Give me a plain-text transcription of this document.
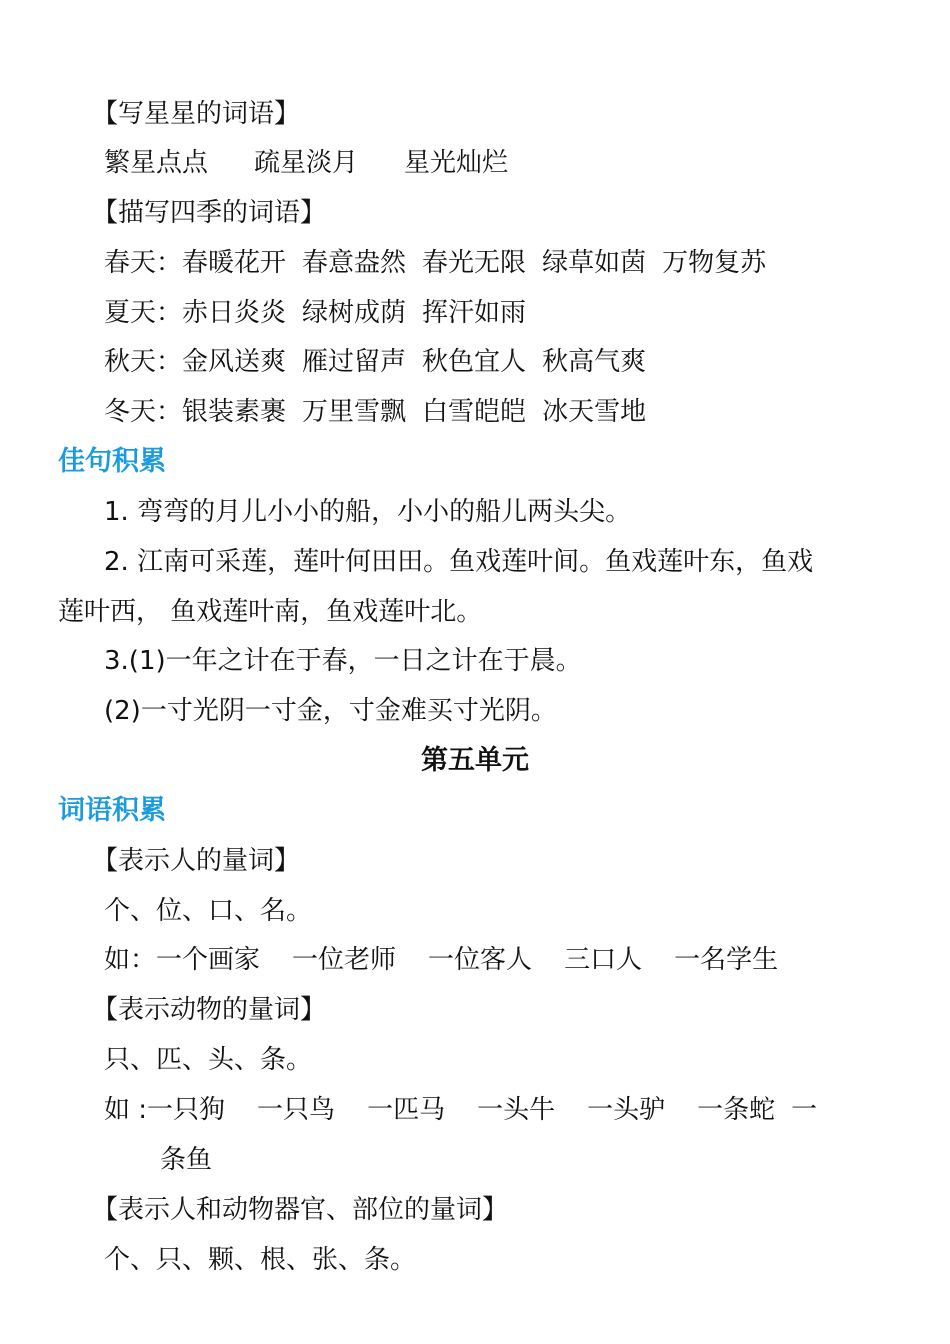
【写星星的词语】
繁星点点 疏星淡月 星光灿烂
【描写四季的词语】
春天：春暖花开 春意盎然 春光无限 绿草如茵 万物复苏
夏天：赤日炎炎 绿树成荫 挥汗如雨
秋天：金风送爽 雁过留声 秋色宜人 秋高气爽
冬天：银装素裹 万里雪飘 白雪皑皑 冰天雪地
佳句积累
1. 弯弯的月儿小小的船，小小的船儿两头尖。
2. 江南可采莲，莲叶何田田。鱼戏莲叶间。鱼戏莲叶东，鱼戏
莲叶西， 鱼戏莲叶南，鱼戏莲叶北。
3.(1)一年之计在于春，一日之计在于晨。
(2)一寸光阴一寸金，寸金难买寸光阴。
第五单元
词语积累
【表示人的量词】
个、位、口、名。
如：一个画家 一位老师 一位客人 三口人 一名学生
【表示动物的量词】
只、匹、头、条。
如 :一只狗 一只鸟 一匹马 一头牛 一头驴 一条蛇 一
条鱼
【表示人和动物器官、部位的量词】
个、只、颗、根、张、条。
